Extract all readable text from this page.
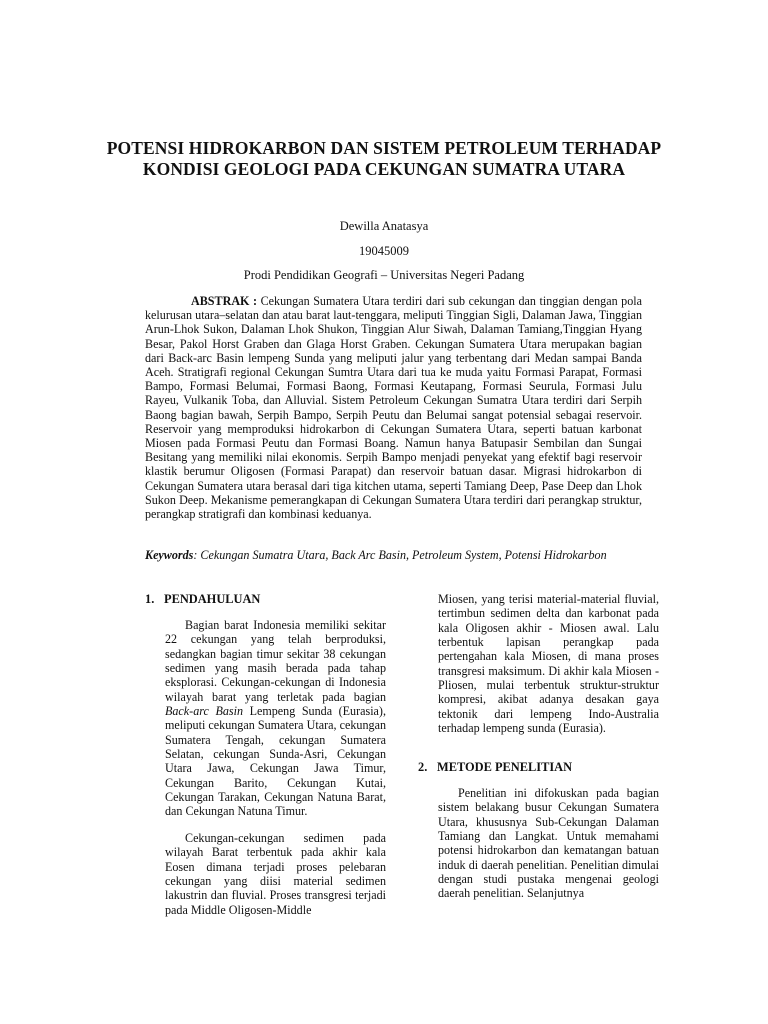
POTENSI HIDROKARBON DAN SISTEM PETROLEUM TERHADAP KONDISI GEOLOGI PADA CEKUNGAN SUMATRA UTARA
Dewilla Anatasya
19045009
Prodi Pendidikan Geografi – Universitas Negeri Padang

ABSTRAK : Cekungan Sumatera Utara terdiri dari sub cekungan dan tinggian dengan pola kelurusan utara–selatan dan atau barat laut-tenggara, meliputi Tinggian Sigli, Dalaman Jawa, Tinggian Arun-Lhok Sukon, Dalaman Lhok Shukon, Tinggian Alur Siwah, Dalaman Tamiang,Tinggian Hyang Besar, Pakol Horst Graben dan Glaga Horst Graben. Cekungan Sumatera Utara merupakan bagian dari Back-arc Basin lempeng Sunda yang meliputi jalur yang terbentang dari Medan sampai Banda Aceh. Stratigrafi regional Cekungan Sumtra Utara dari tua ke muda yaitu Formasi Parapat, Formasi Bampo, Formasi Belumai, Formasi Baong, Formasi Keutapang, Formasi Seurula, Formasi Julu Rayeu, Vulkanik Toba, dan Alluvial. Sistem Petroleum Cekungan Sumatra Utara terdiri dari Serpih Baong bagian bawah, Serpih Bampo, Serpih Peutu dan Belumai sangat potensial sebagai reservoir. Reservoir yang memproduksi hidrokarbon di Cekungan Sumatera Utara, seperti batuan karbonat Miosen pada Formasi Peutu dan Formasi Boang. Namun hanya Batupasir Sembilan dan Sungai Besitang yang memiliki nilai ekonomis. Serpih Bampo menjadi penyekat yang efektif bagi reservoir klastik berumur Oligosen (Formasi Parapat) dan reservoir batuan dasar. Migrasi hidrokarbon di Cekungan Sumatera utara berasal dari tiga kitchen utama, seperti Tamiang Deep, Pase Deep dan Lhok Sukon Deep. Mekanisme pemerangkapan di Cekungan Sumatera Utara terdiri dari perangkap struktur, perangkap stratigrafi dan kombinasi keduanya.

Keywords: Cekungan Sumatra Utara, Back Arc Basin, Petroleum System, Potensi Hidrokarbon

1. PENDAHULUAN

Bagian barat Indonesia memiliki sekitar 22 cekungan yang telah berproduksi, sedangkan bagian timur sekitar 38 cekungan sedimen yang masih berada pada tahap eksplorasi. Cekungan-cekungan di Indonesia wilayah barat yang terletak pada bagian Back-arc Basin Lempeng Sunda (Eurasia), meliputi cekungan Sumatera Utara, cekungan Sumatera Tengah, cekungan Sumatera Selatan, cekungan Sunda-Asri, Cekungan Utara Jawa, Cekungan Jawa Timur, Cekungan Barito, Cekungan Kutai, Cekungan Tarakan, Cekungan Natuna Barat, dan Cekungan Natuna Timur.

Cekungan-cekungan sedimen pada wilayah Barat terbentuk pada akhir kala Eosen dimana terjadi proses pelebaran cekungan yang diisi material sedimen lakustrin dan fluvial. Proses transgresi terjadi pada Middle Oligosen-Middle

Miosen, yang terisi material-material fluvial, tertimbun sedimen delta dan karbonat pada kala Oligosen akhir - Miosen awal. Lalu terbentuk lapisan perangkap pada pertengahan kala Miosen, di mana proses transgresi maksimum. Di akhir kala Miosen -Pliosen, mulai terbentuk struktur-struktur kompresi, akibat adanya desakan gaya tektonik dari lempeng Indo-Australia terhadap lempeng sunda (Eurasia).

2. METODE PENELITIAN

Penelitian ini difokuskan pada bagian sistem belakang busur Cekungan Sumatera Utara, khususnya Sub-Cekungan Dalaman Tamiang dan Langkat. Untuk memahami potensi hidrokarbon dan kematangan batuan induk di daerah penelitian. Penelitian dimulai dengan studi pustaka mengenai geologi daerah penelitian. Selanjutnya
